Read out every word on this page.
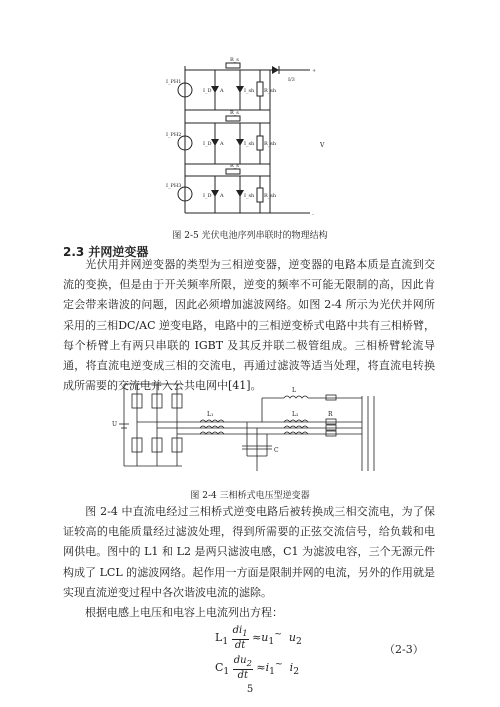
I_PH1
I_PH2
I_PH3
I_D A	I_sh R_sh
R_s
I_D A	I_sh R_sh
R_s
I_D A	I_sh R_sh
R_s
I/3
+
-
V
图 2-5 光伏电池序列串联时的物理结构
2.3 并网逆变器
光伏用并网逆变器的类型为三相逆变器，逆变器的电路本质是直流到交流的变换，但是由于开关频率所限，逆变的频率不可能无限制的高，因此肯定会带来谐波的问题，因此必须增加滤波网络。如图 2-4 所示为光伏并网所采用的三相DC/AC 逆变电路，电路中的三相逆变桥式电路中共有三相桥臂，每个桥臂上有两只串联的 IGBT 及其反并联二极管组成。三相桥臂轮流导通，将直流电逆变成三相的交流电，再通过滤波等适当处理，将直流电转换成所需要的交流电并入公共电网中[41]。
U
L₁	L₂
C
R
L
图 2-4 三相桥式电压型逆变器
图 2-4 中直流电经过三相桥式逆变电路后被转换成三相交流电，为了保证较高的电能质量经过滤波处理，得到所需要的正弦交流信号，给负载和电网供电。图中的 L1 和 L2 是两只滤波电感，C1 为滤波电容，三个无源元件构成了 LCL 的滤波网络。起作用一方面是限制并网的电流，另外的作用就是实现直流逆变过程中各次谐波电流的滤除。
根据电感上电压和电容上电流列出方程：
$L_1 \frac{di_1}{dt} \approx u_1^\sim$ $u_2$
$C_1 \frac{du_2}{dt} \approx i_1^\sim$ $i_2$
（2-3）
5
